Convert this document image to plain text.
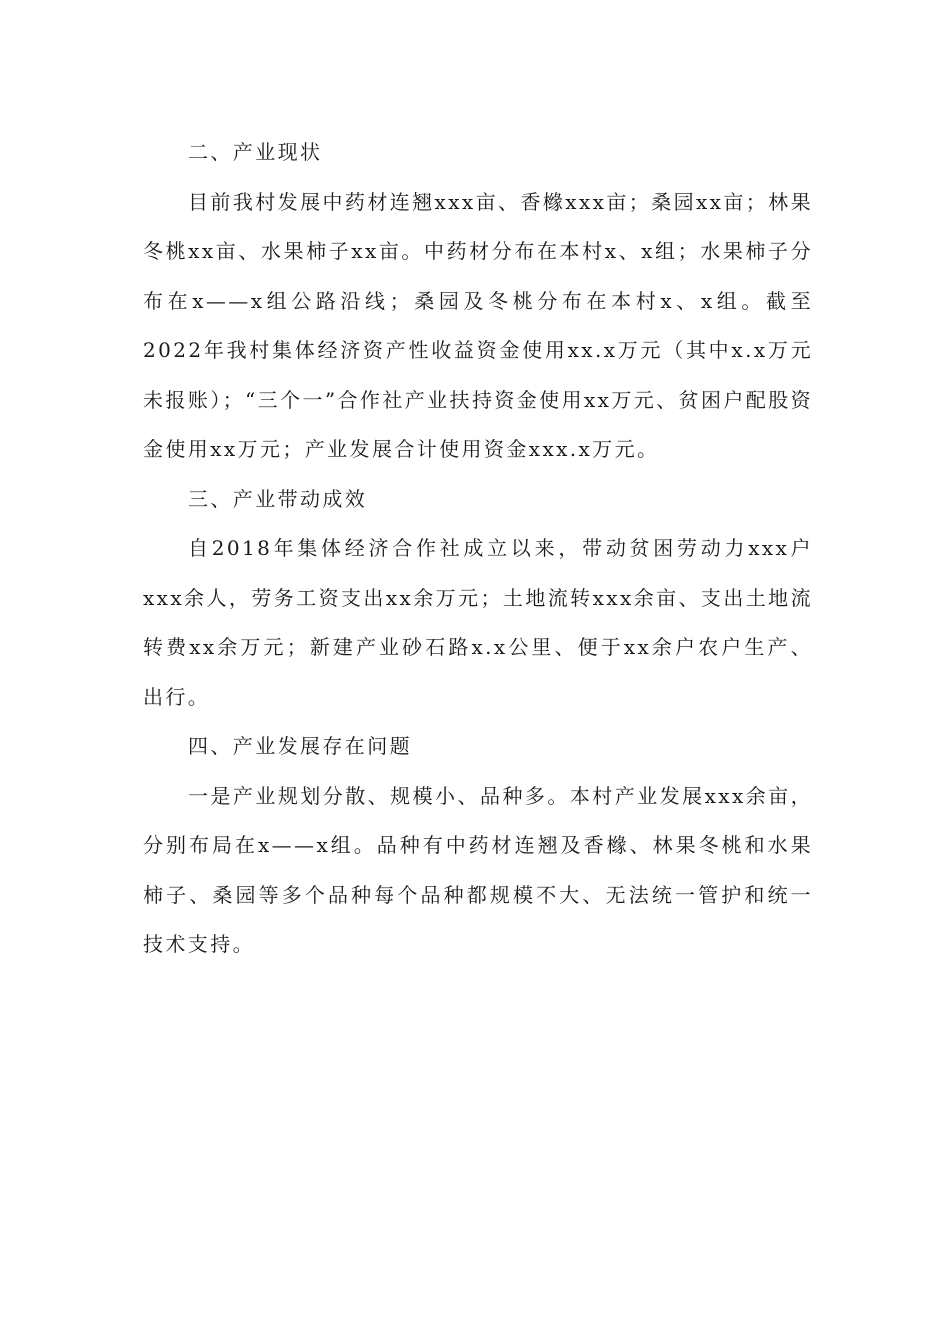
二、产业现状

目前我村发展中药材连翘xxx亩、香橼xxx亩；桑园xx亩；林果冬桃xx亩、水果柿子xx亩。中药材分布在本村x、x组；水果柿子分布在x——x组公路沿线；桑园及冬桃分布在本村x、x组。截至2022年我村集体经济资产性收益资金使用xx.x万元（其中x.x万元未报账）；“三个一”合作社产业扶持资金使用xx万元、贫困户配股资金使用xx万元；产业发展合计使用资金xxx.x万元。

三、产业带动成效

自2018年集体经济合作社成立以来，带动贫困劳动力xxx户xxx余人，劳务工资支出xx余万元；土地流转xxx余亩、支出土地流转费xx余万元；新建产业砂石路x.x公里、便于xx余户农户生产、出行。

四、产业发展存在问题

一是产业规划分散、规模小、品种多。本村产业发展xxx余亩，分别布局在x——x组。品种有中药材连翘及香橼、林果冬桃和水果柿子、桑园等多个品种每个品种都规模不大、无法统一管护和统一技术支持。
